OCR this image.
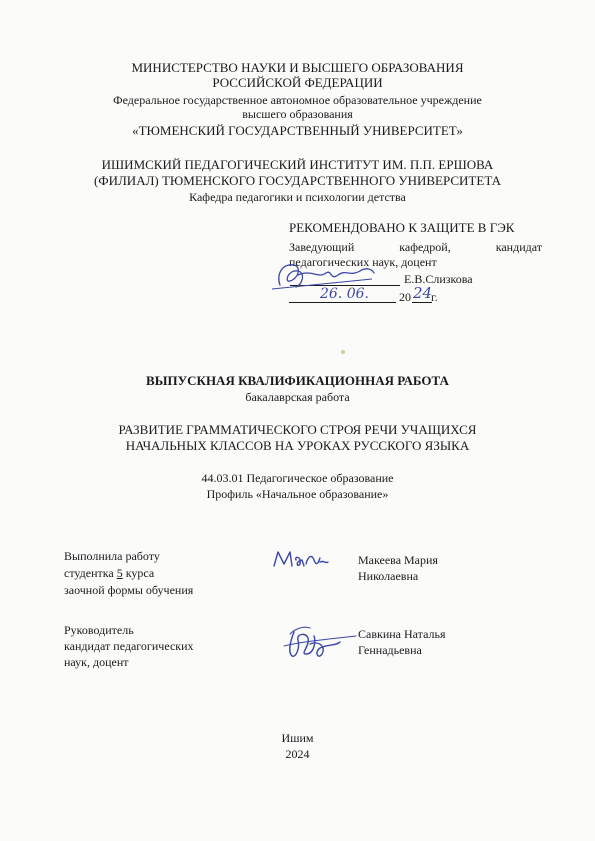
МИНИСТЕРСТВО НАУКИ И ВЫСШЕГО ОБРАЗОВАНИЯ
РОССИЙСКОЙ ФЕДЕРАЦИИ
Федеральное государственное автономное образовательное учреждение
высшего образования
«ТЮМЕНСКИЙ ГОСУДАРСТВЕННЫЙ УНИВЕРСИТЕТ»
ИШИМСКИЙ ПЕДАГОГИЧЕСКИЙ ИНСТИТУТ ИМ. П.П. ЕРШОВА
(ФИЛИАЛ) ТЮМЕНСКОГО ГОСУДАРСТВЕННОГО УНИВЕРСИТЕТА
Кафедра педагогики и психологии детства
РЕКОМЕНДОВАНО К ЗАЩИТЕ В ГЭК
Заведующий	кафедрой,	кандидат
педагогических наук, доцент
Е.В.Слизкова
26. 06.	20 24
г.
ВЫПУСКНАЯ КВАЛИФИКАЦИОННАЯ РАБОТА
бакалаврская работа
РАЗВИТИЕ ГРАММАТИЧЕСКОГО СТРОЯ РЕЧИ УЧАЩИХСЯ
НАЧАЛЬНЫХ КЛАССОВ НА УРОКАХ РУССКОГО ЯЗЫКА
44.03.01 Педагогическое образование
Профиль «Начальное образование»
Выполнила работу
студентка 5 курса
заочной формы обучения
Макеева Мария
Николаевна
Руководитель
кандидат педагогических
наук, доцент
Савкина Наталья
Геннадьевна
Ишим
2024
